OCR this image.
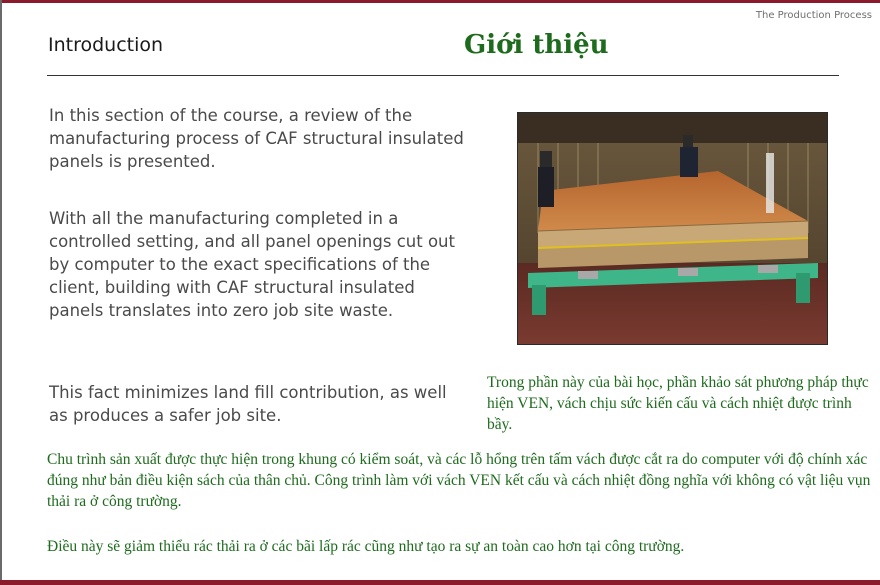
The Production Process
Introduction	Giới thiệu

In this section of the course, a review of the manufacturing process of CAF structural insulated panels is presented.

With all the manufacturing completed in a controlled setting, and all panel openings cut out by computer to the exact specifications of the client, building with CAF structural insulated panels translates into zero job site waste.

This fact minimizes land fill contribution, as well as produces a safer job site.

Trong phần này của bài học, phần khảo sát phương pháp thực hiện VEN, vách chịu sức kiến cấu và cách nhiệt được trình bầy.

Chu trình sản xuất được thực hiện trong khung có kiểm soát, và các lỗ hổng trên tấm vách được cắt ra do computer với độ chính xác đúng như bản điều kiện sách của thân chủ. Công trình làm với vách VEN kết cấu và cách nhiệt đồng nghĩa với không có vật liệu vụn thải ra ở công trường.

Điều này sẽ giảm thiểu rác thải ra ở các bãi lấp rác cũng như tạo ra sự an toàn cao hơn tại công trường.
